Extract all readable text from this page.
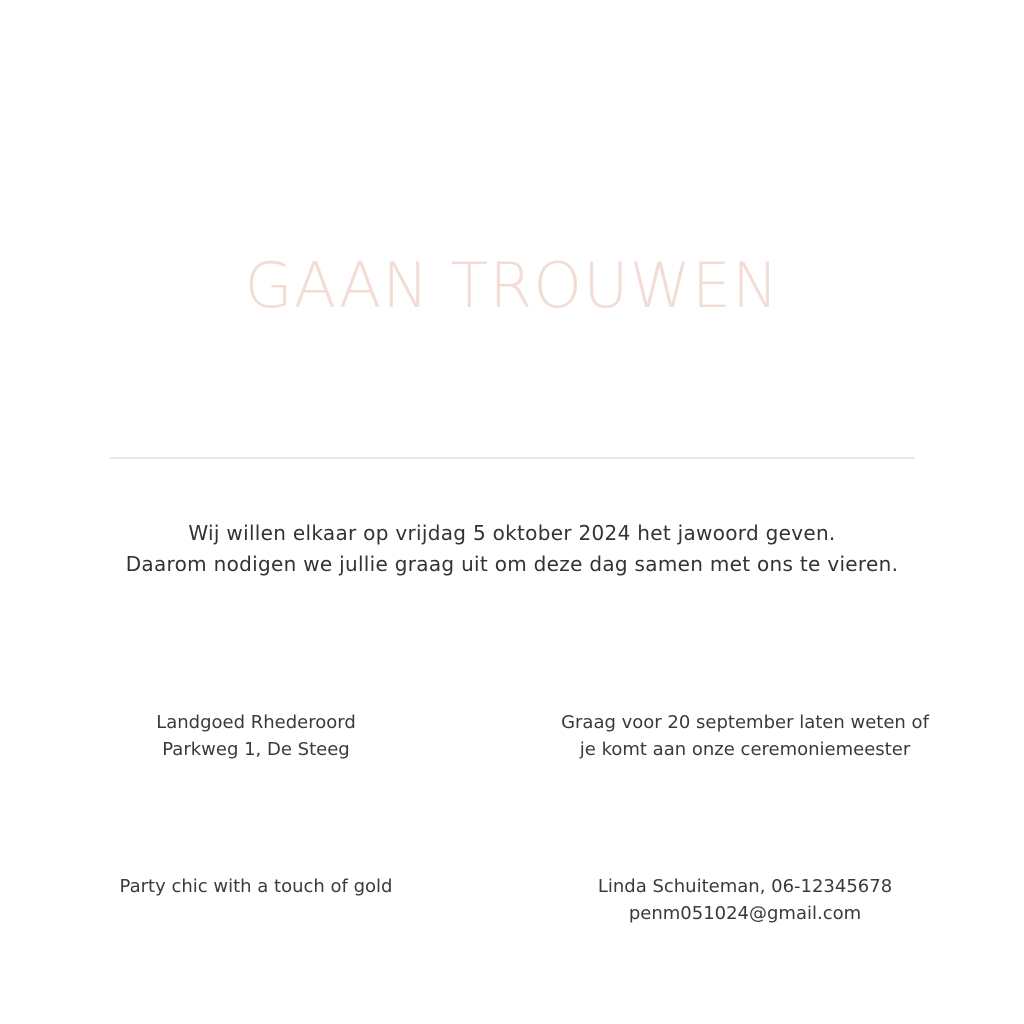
GAAN TROUWEN
Wij willen elkaar op vrijdag 5 oktober 2024 het jawoord geven.
Daarom nodigen we jullie graag uit om deze dag samen met ons te vieren.
Landgoed Rhederoord
Parkweg 1, De Steeg
Graag voor 20 september laten weten of
je komt aan onze ceremoniemeester
Party chic with a touch of gold	Linda Schuiteman, 06-12345678
penm051024@gmail.com
